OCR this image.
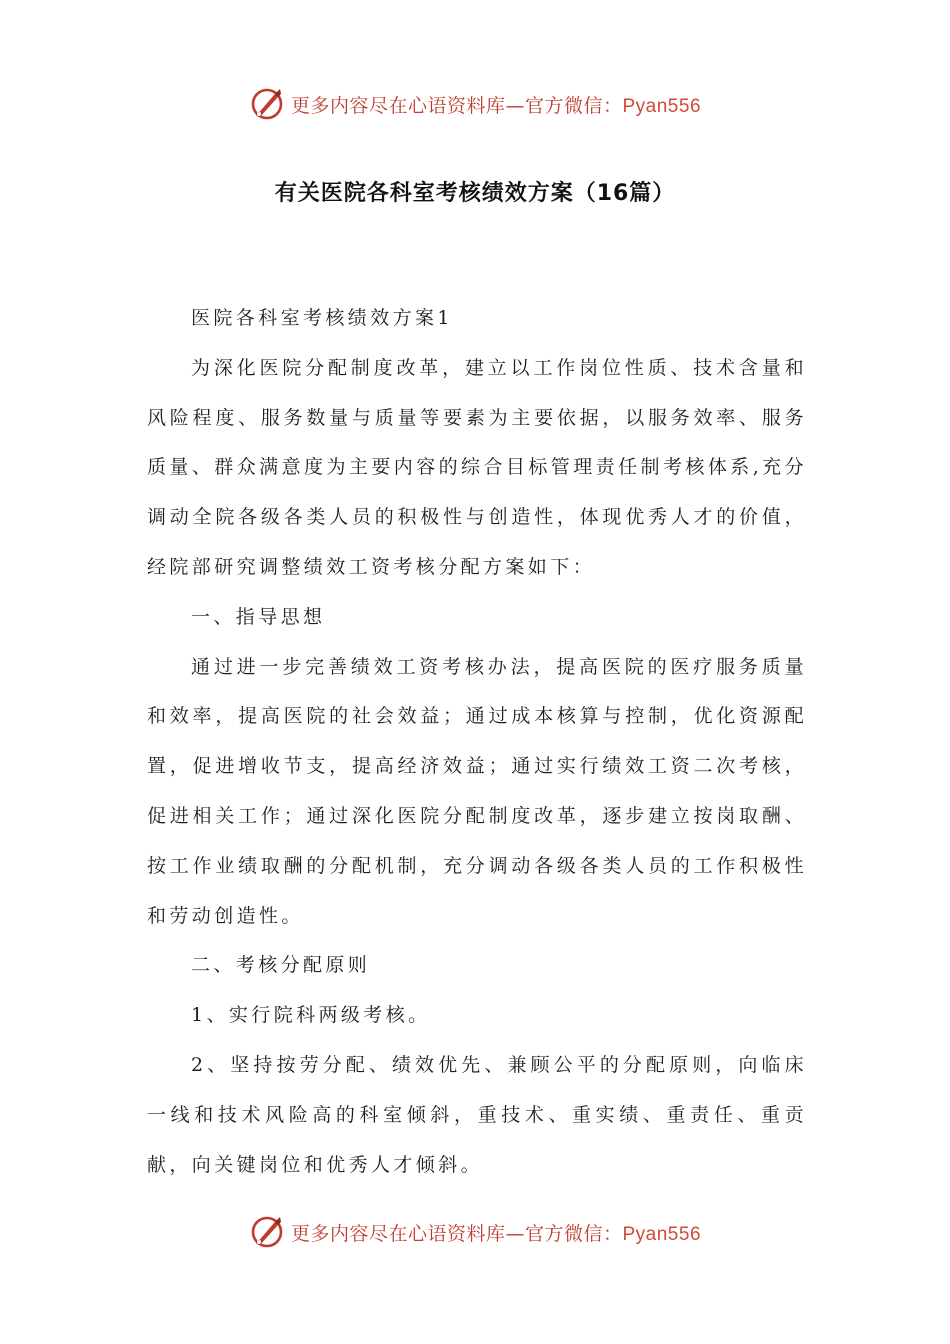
更多内容尽在心语资料库 — 官方微信： Pyan556
有关医院各科室考核绩效方案（16篇）

医院各科室考核绩效方案1

为深化医院分配制度改革，建立以工作岗位性质、技术含量和风险程度、服务数量与质量等要素为主要依据，以服务效率、服务质量、群众满意度为主要内容的综合目标管理责任制考核体系,充分调动全院各级各类人员的积极性与创造性，体现优秀人才的价值，经院部研究调整绩效工资考核分配方案如下：

一、指导思想

通过进一步完善绩效工资考核办法，提高医院的医疗服务质量和效率，提高医院的社会效益；通过成本核算与控制，优化资源配置，促进增收节支，提高经济效益；通过实行绩效工资二次考核，促进相关工作；通过深化医院分配制度改革，逐步建立按岗取酬、按工作业绩取酬的分配机制，充分调动各级各类人员的工作积极性和劳动创造性。

二、考核分配原则

1、实行院科两级考核。

2、坚持按劳分配、绩效优先、兼顾公平的分配原则，向临床一线和技术风险高的科室倾斜，重技术、重实绩、重责任、重贡献，向关键岗位和优秀人才倾斜。

更多内容尽在心语资料库 — 官方微信： Pyan556
